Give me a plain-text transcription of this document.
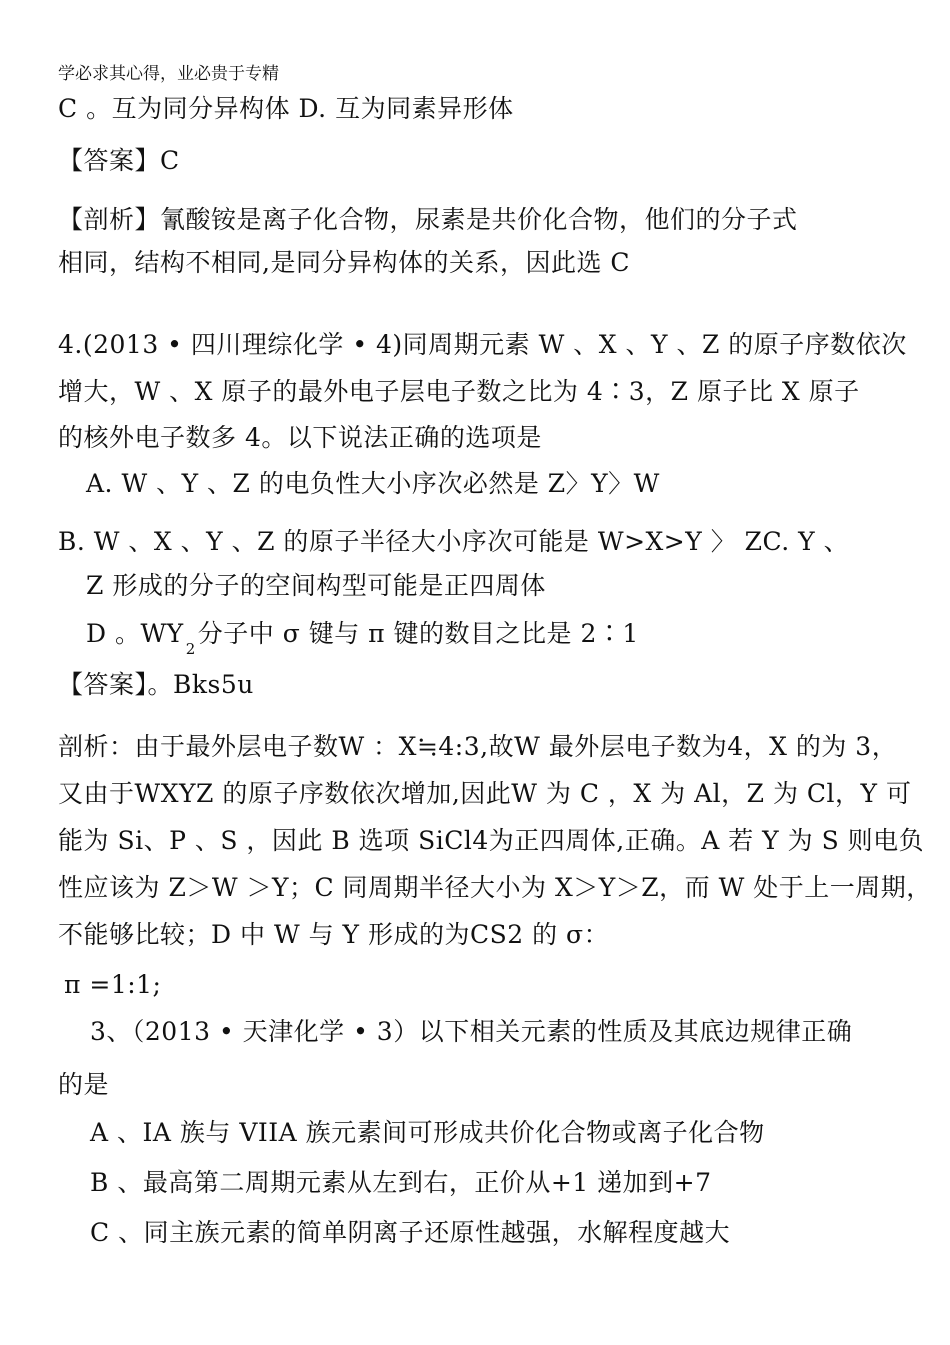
学必求其心得，业必贵于专精
C 。互为同分异构体 D. 互为同素异形体
【答案】C
【剖析】氰酸铵是离子化合物，尿素是共价化合物，他们的分子式
相同，结构不相同,是同分异构体的关系，因此选 C
4.(2013 • 四川理综化学 • 4)同周期元素 W 、X 、Y 、Z 的原子序数依次
增大，W 、X 原子的最外电子层电子数之比为 4∶3，Z 原子比 X 原子
的核外电子数多 4。以下说法正确的选项是
A. W 、Y 、Z 的电负性大小序次必然是 Z〉Y〉W
B. W 、X 、Y 、Z 的原子半径大小序次可能是 W>X>Y 〉 ZC. Y 、
Z 形成的分子的空间构型可能是正四周体
D 。$WY_2$分子中 σ 键与 π 键的数目之比是 2∶1
【答案】。Bks5u
剖析：由于最外层电子数W ：X≒4:3,故W 最外层电子数为4，X 的为 3，
又由于WXYZ 的原子序数依次增加,因此W 为 C ，X 为 Al，Z 为 Cl，Y 可
能为 Si、P 、S ，因此 B 选项 SiCl4为正四周体,正确。A 若 Y 为 S 则电负
性应该为 Z＞W ＞Y；C 同周期半径大小为 X＞Y＞Z，而 W 处于上一周期，
不能够比较；D 中 W 与 Y 形成的为CS2 的 σ：
π =1:1;
3、（2013 • 天津化学 • 3）以下相关元素的性质及其底边规律正确
的是
A 、IA 族与 VIIA 族元素间可形成共价化合物或离子化合物
B 、最高第二周期元素从左到右，正价从+1 递加到+7
C 、同主族元素的简单阴离子还原性越强，水解程度越大
